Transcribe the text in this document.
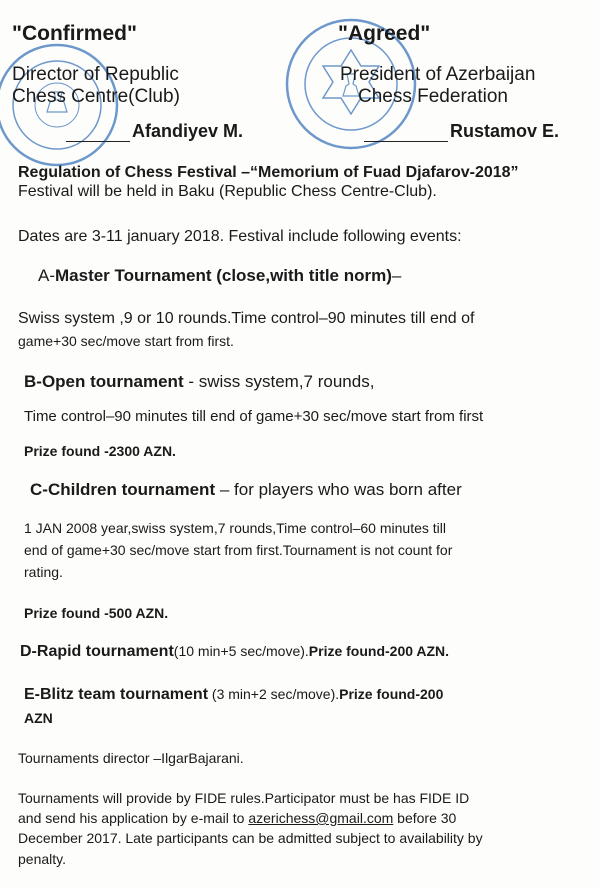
"Confirmed"
Director of Republic
Chess Centre(Club)
Afandiyev M.
"Agreed"
President of Azerbaijan
Chess Federation
Rustamov E.
Regulation of Chess Festival –“Memorium of Fuad Djafarov-2018”
Festival will be held in Baku (Republic Chess Centre-Club).
Dates are 3-11 january 2018. Festival include following events:
A-Master Tournament (close,with title norm)–
Swiss system ,9 or 10 rounds.Time control–90 minutes till end of
game+30 sec/move start from first.
B-Open tournament - swiss system,7 rounds,
Time control–90 minutes till end of game+30 sec/move start from first
Prize found -2300 AZN.
C-Children tournament – for players who was born after
1 JAN 2008 year,swiss system,7 rounds,Time control–60 minutes till
end of game+30 sec/move start from first.Tournament is not count for
rating.
Prize found -500 AZN.
D-Rapid tournament(10 min+5 sec/move).Prize found-200 AZN.
E-Blitz team tournament (3 min+2 sec/move).Prize found-200
AZN
Tournaments director –IlgarBajarani.
Tournaments will provide by FIDE rules.Participator must be has FIDE ID
and send his application by e-mail to azerichess@gmail.com before 30
December 2017. Late participants can be admitted subject to availability by
penalty.
